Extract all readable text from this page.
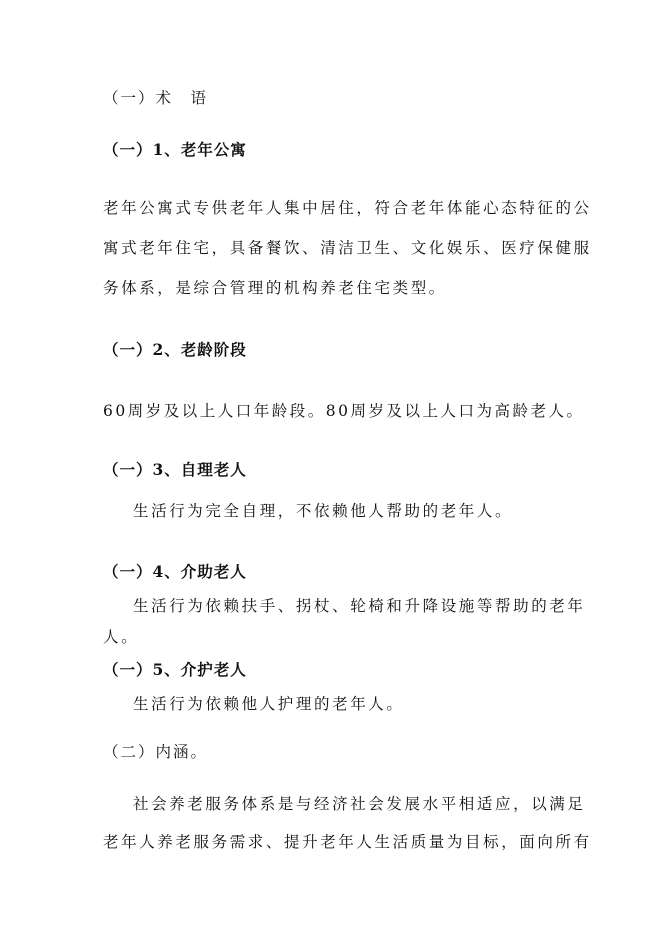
（一）术　语
（一）1、老年公寓
老年公寓式专供老年人集中居住，符合老年体能心态特征的公
寓式老年住宅，具备餐饮、清洁卫生、文化娱乐、医疗保健服
务体系，是综合管理的机构养老住宅类型。
（一）2、老龄阶段
60周岁及以上人口年龄段。80周岁及以上人口为高龄老人。
（一）3、自理老人
生活行为完全自理，不依赖他人帮助的老年人。
（一）4、介助老人
生活行为依赖扶手、拐杖、轮椅和升降设施等帮助的老年
人。
（一）5、介护老人
生活行为依赖他人护理的老年人。
（二）内涵。
社会养老服务体系是与经济社会发展水平相适应，以满足
老年人养老服务需求、提升老年人生活质量为目标，面向所有
